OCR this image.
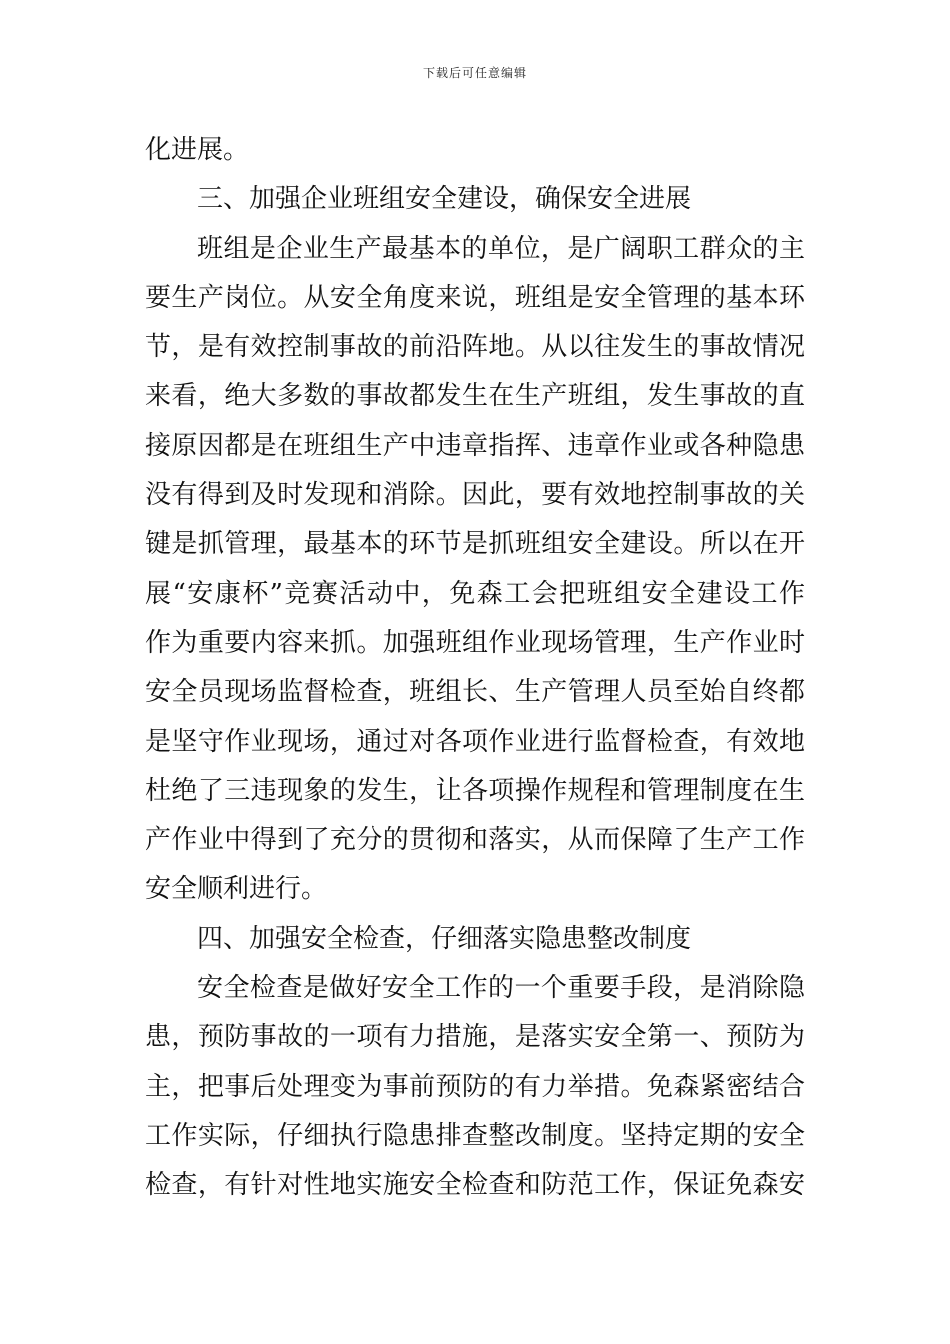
下载后可任意编辑
化进展。
三、加强企业班组安全建设，确保安全进展
班组是企业生产最基本的单位，是广阔职工群众的主
要生产岗位。从安全角度来说，班组是安全管理的基本环
节，是有效控制事故的前沿阵地。从以往发生的事故情况
来看，绝大多数的事故都发生在生产班组，发生事故的直
接原因都是在班组生产中违章指挥、违章作业或各种隐患
没有得到及时发现和消除。因此，要有效地控制事故的关
键是抓管理，最基本的环节是抓班组安全建设。所以在开
展“安康杯”竞赛活动中，免森工会把班组安全建设工作
作为重要内容来抓。加强班组作业现场管理，生产作业时
安全员现场监督检查，班组长、生产管理人员至始自终都
是坚守作业现场，通过对各项作业进行监督检查，有效地
杜绝了三违现象的发生，让各项操作规程和管理制度在生
产作业中得到了充分的贯彻和落实，从而保障了生产工作
安全顺利进行。
四、加强安全检查，仔细落实隐患整改制度
安全检查是做好安全工作的一个重要手段，是消除隐
患，预防事故的一项有力措施，是落实安全第一、预防为
主，把事后处理变为事前预防的有力举措。免森紧密结合
工作实际，仔细执行隐患排查整改制度。坚持定期的安全
检查，有针对性地实施安全检查和防范工作，保证免森安
